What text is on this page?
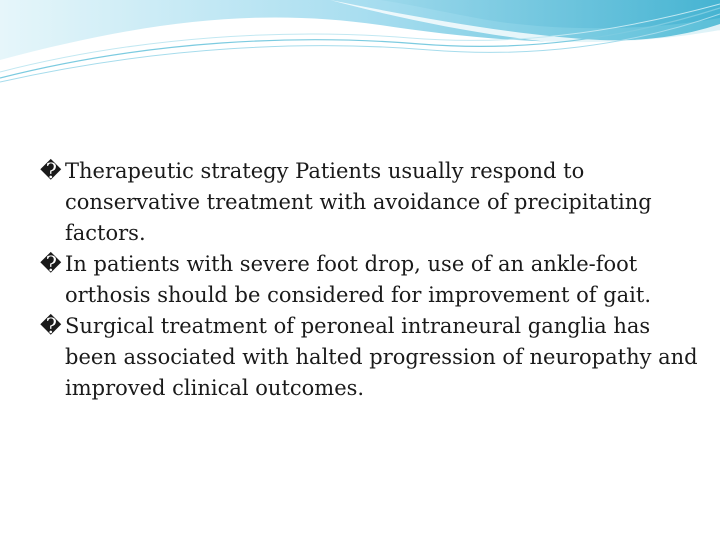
� Therapeutic strategy Patients usually respond to conservative treatment with avoidance of precipitating factors.

� In patients with severe foot drop, use of an ankle-foot orthosis should be considered for improvement of gait.

� Surgical treatment of peroneal intraneural ganglia has been associated with halted progression of neuropathy and improved clinical outcomes.
